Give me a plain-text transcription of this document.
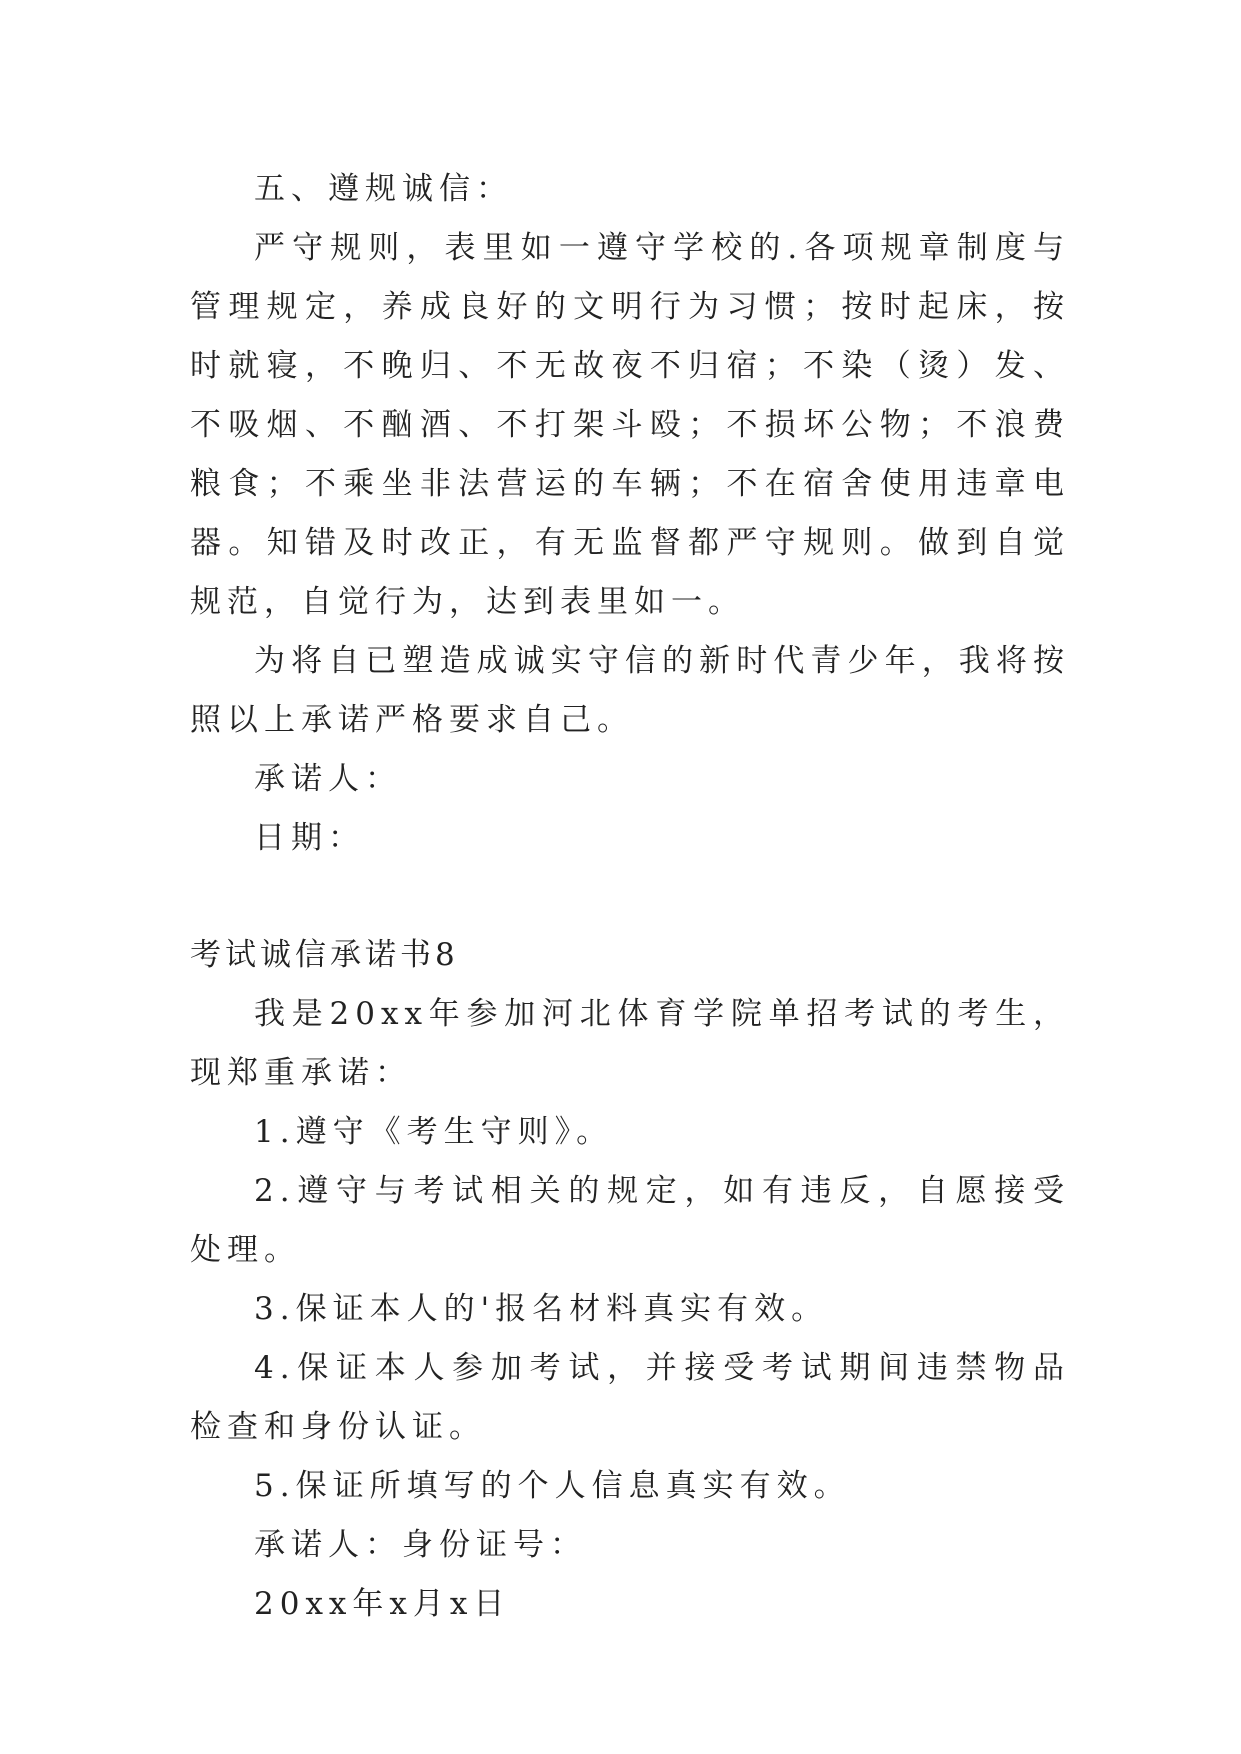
五、遵规诚信：

严守规则，表里如一遵守学校的.各项规章制度与管理规定，养成良好的文明行为习惯；按时起床，按时就寝，不晚归、不无故夜不归宿；不染（烫）发、不吸烟、不酗酒、不打架斗殴；不损坏公物；不浪费粮食；不乘坐非法营运的车辆；不在宿舍使用违章电器。知错及时改正，有无监督都严守规则。做到自觉规范，自觉行为，达到表里如一。

为将自已塑造成诚实守信的新时代青少年，我将按照以上承诺严格要求自己。

承诺人：

日期：

考试诚信承诺书8

我是20xx年参加河北体育学院单招考试的考生，现郑重承诺：

1.遵守《考生守则》。

2.遵守与考试相关的规定，如有违反，自愿接受处理。

3.保证本人的'报名材料真实有效。

4.保证本人参加考试，并接受考试期间违禁物品检查和身份认证。

5.保证所填写的个人信息真实有效。

承诺人：身份证号：

20xx年x月x日
